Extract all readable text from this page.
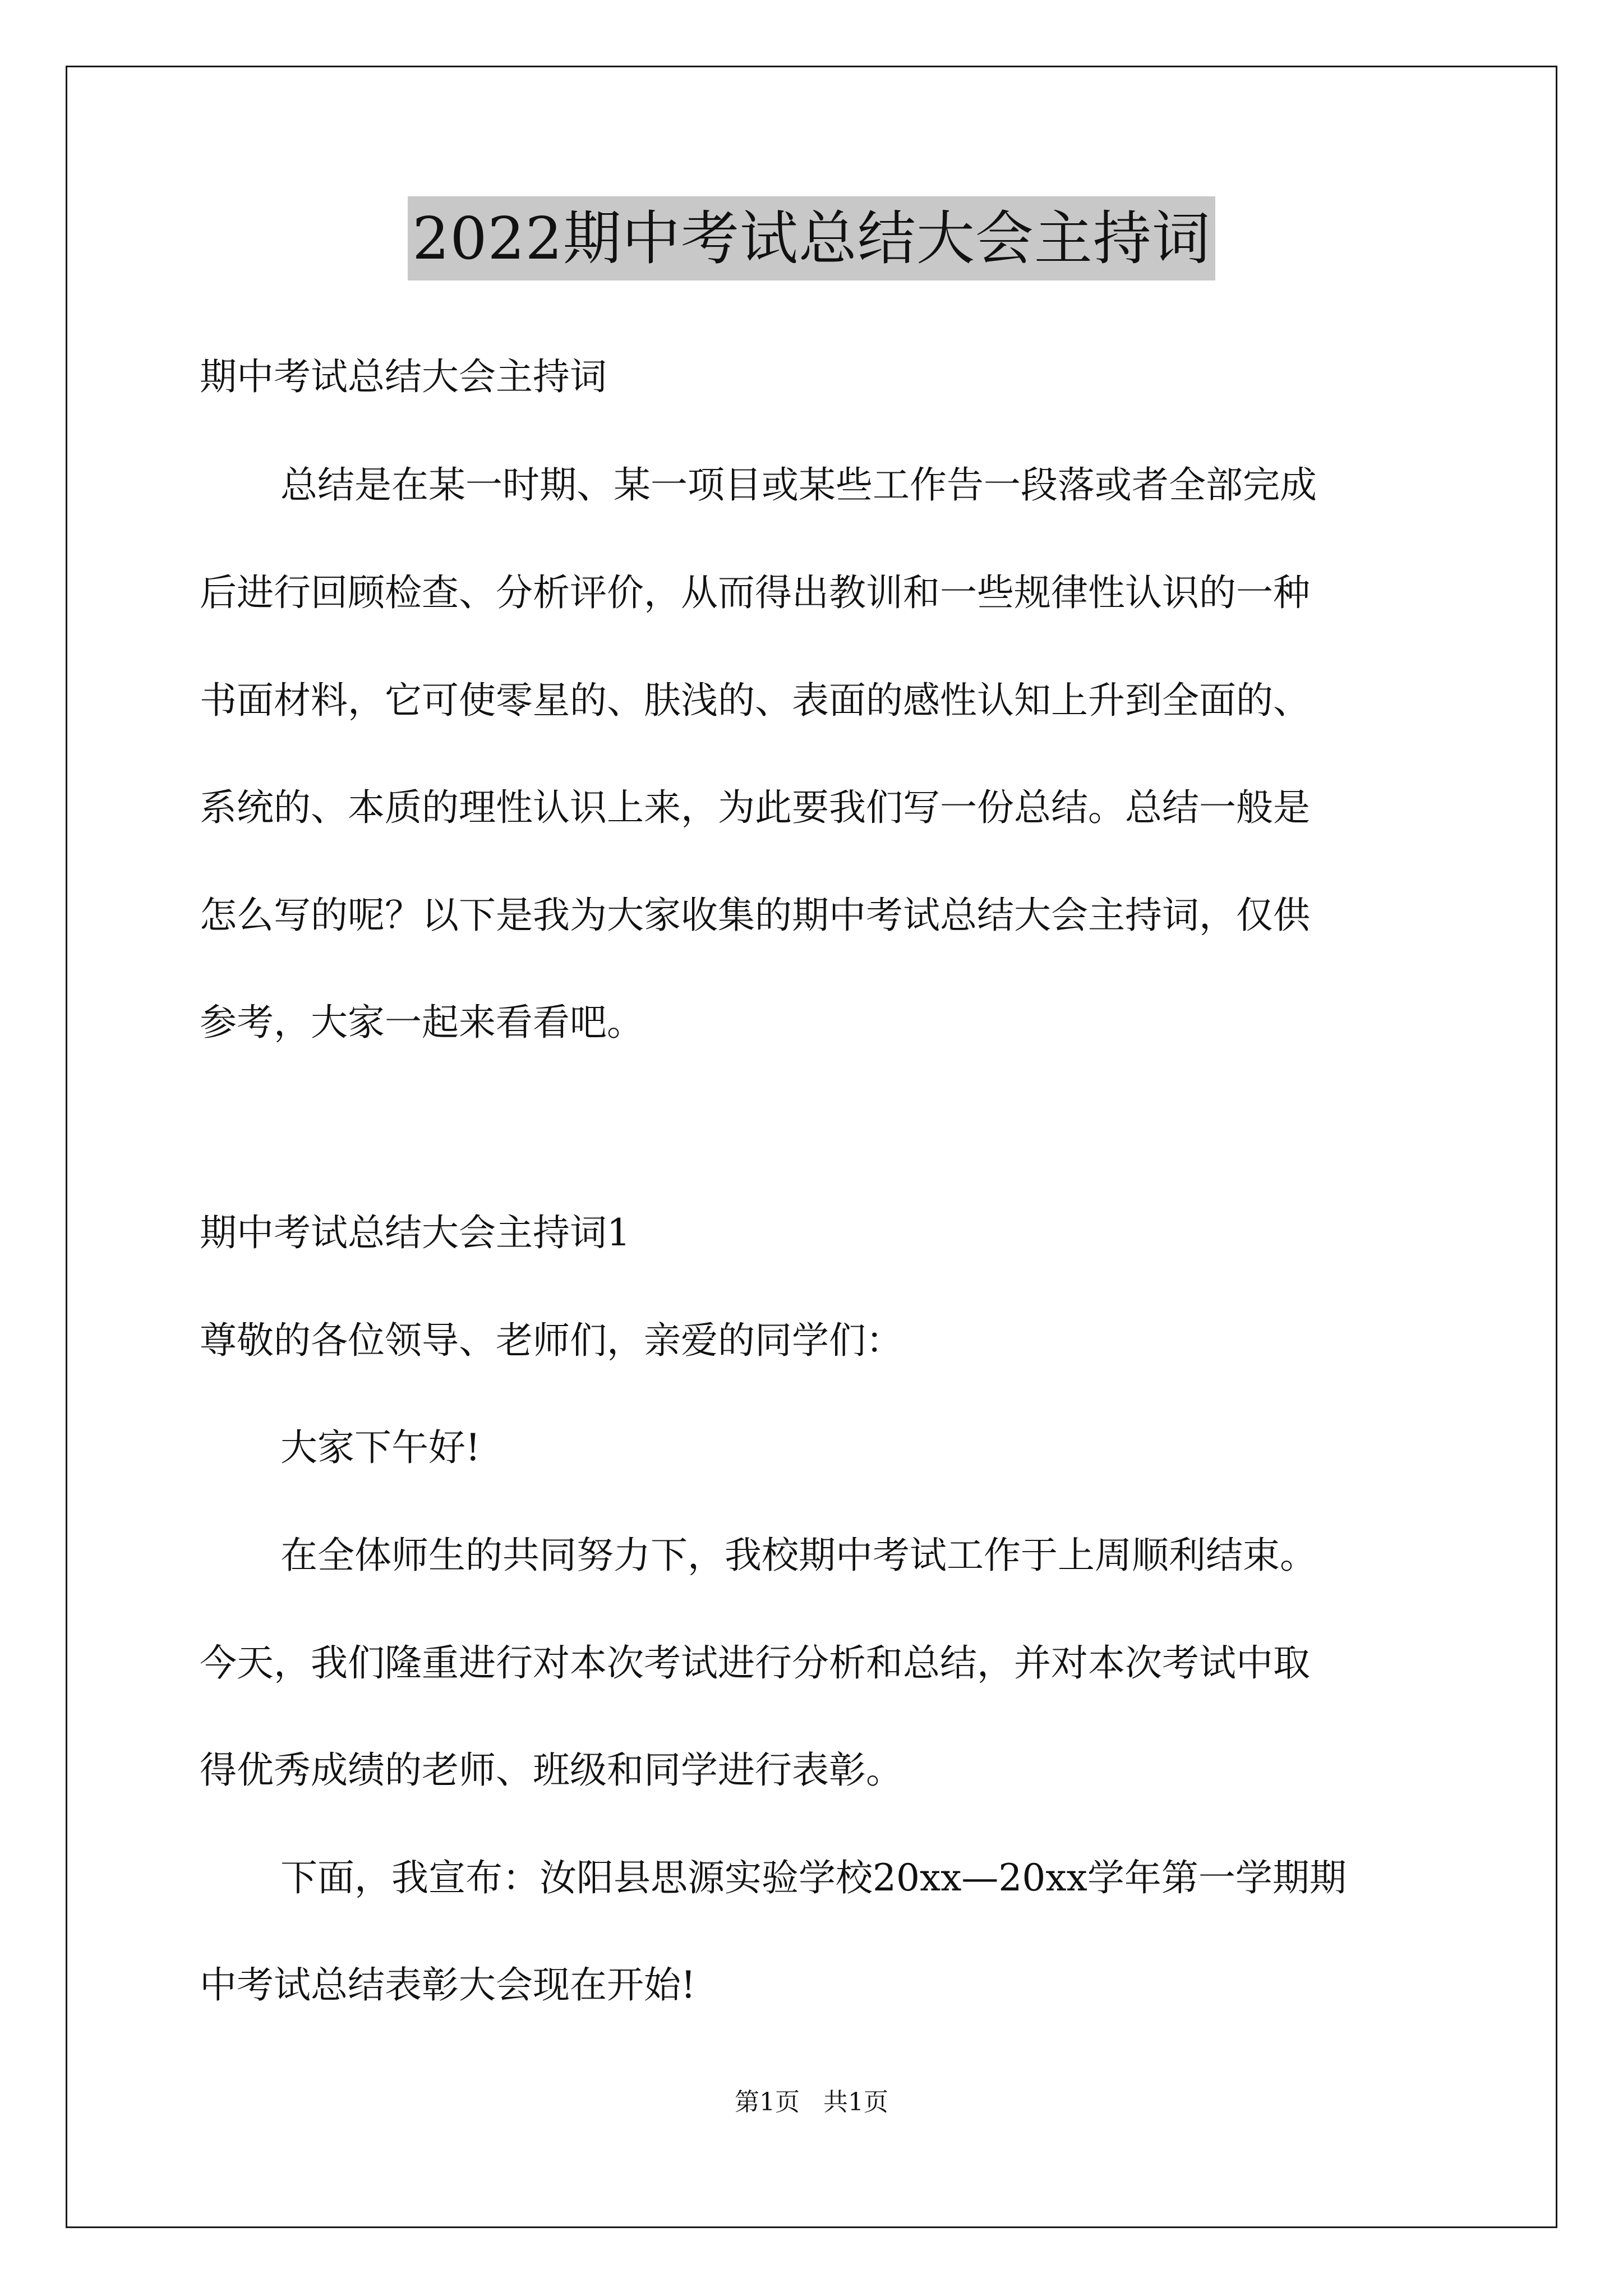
2022期中考试总结大会主持词
期中考试总结大会主持词
总结是在某一时期、某一项目或某些工作告一段落或者全部完成
后进行回顾检查、分析评价，从而得出教训和一些规律性认识的一种
书面材料，它可使零星的、肤浅的、表面的感性认知上升到全面的、
系统的、本质的理性认识上来，为此要我们写一份总结。总结一般是
怎么写的呢？以下是我为大家收集的期中考试总结大会主持词，仅供
参考，大家一起来看看吧。
期中考试总结大会主持词1
尊敬的各位领导、老师们，亲爱的同学们：
大家下午好!
在全体师生的共同努力下，我校期中考试工作于上周顺利结束。
今天，我们隆重进行对本次考试进行分析和总结，并对本次考试中取
得优秀成绩的老师、班级和同学进行表彰。
下面，我宣布：汝阳县思源实验学校20xx—20xx学年第一学期期
中考试总结表彰大会现在开始!
第1页   共1页
